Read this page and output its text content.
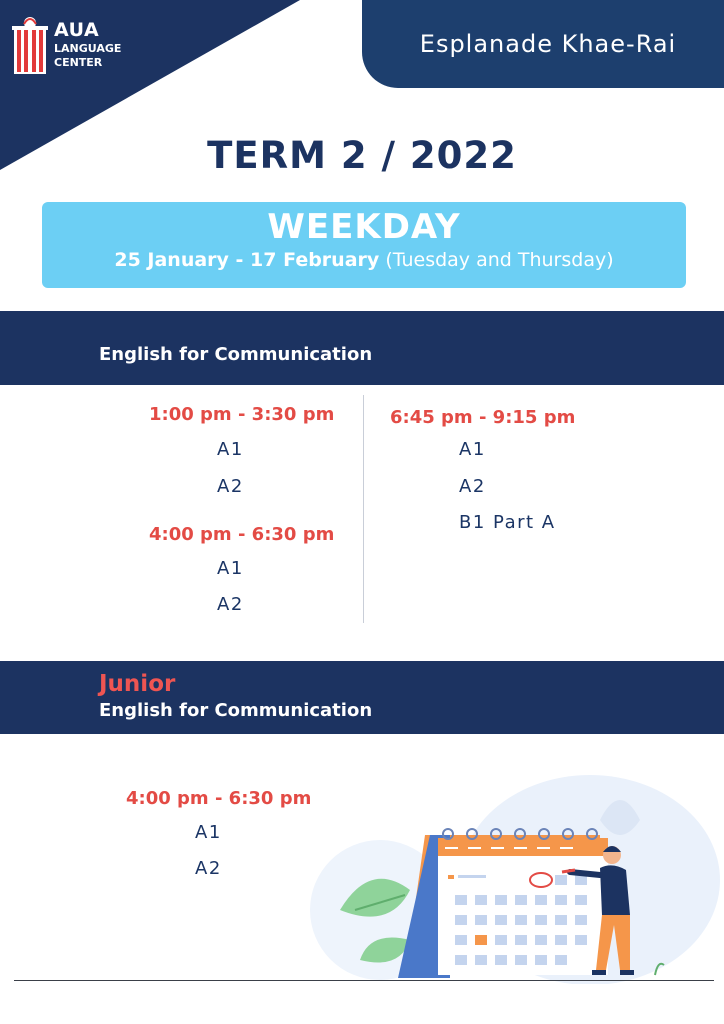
AUA
LANGUAGE
CENTER
Esplanade Khae-Rai
TERM 2 / 2022
WEEKDAY
25 January - 17 February (Tuesday and Thursday)
English for Communication
1:00 pm - 3:30 pm
A1
A2
4:00 pm - 6:30 pm
A1
A2
6:45 pm - 9:15 pm
A1
A2
B1 Part A
Junior
English for Communication
4:00 pm - 6:30 pm
A1
A2
